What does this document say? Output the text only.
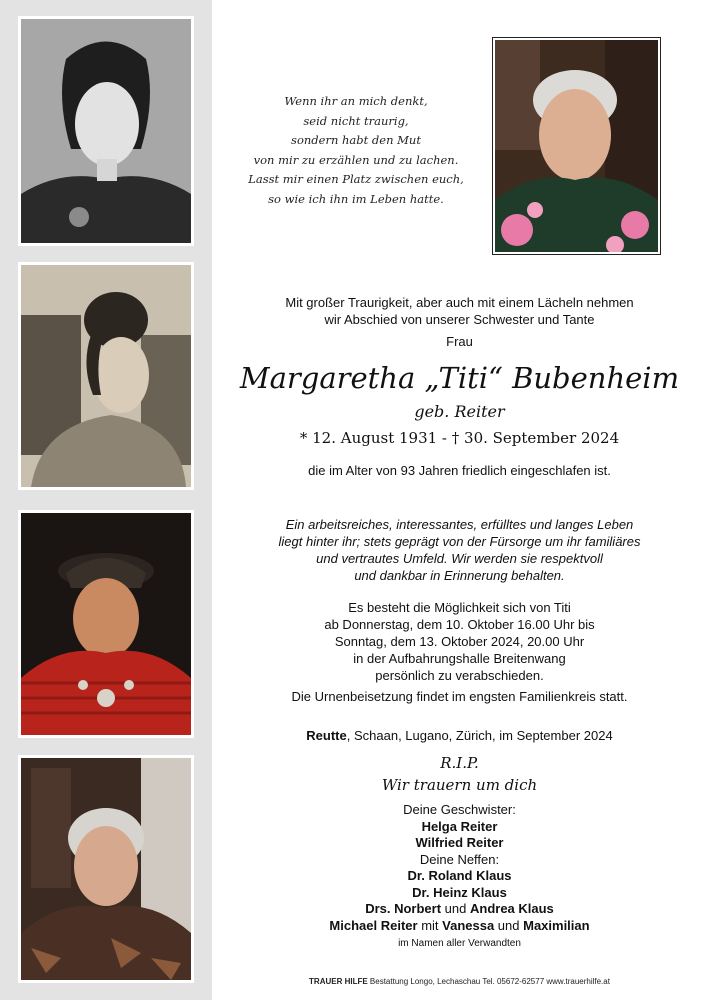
Wenn ihr an mich denkt,
seid nicht traurig,
sondern habt den Mut
von mir zu erzählen und zu lachen.
Lasst mir einen Platz zwischen euch,
so wie ich ihn im Leben hatte.
Mit großer Traurigkeit, aber auch mit einem Lächeln nehmen
wir Abschied von unserer Schwester und Tante
Frau
Margaretha „Titi“ Bubenheim
geb. Reiter
* 12. August 1931 - † 30. September 2024
die im Alter von 93 Jahren friedlich eingeschlafen ist.
Ein arbeitsreiches, interessantes, erfülltes und langes Leben
liegt hinter ihr; stets geprägt von der Fürsorge um ihr familiäres
und vertrautes Umfeld. Wir werden sie respektvoll
und dankbar in Erinnerung behalten.
Es besteht die Möglichkeit sich von Titi
ab Donnerstag, dem 10. Oktober 16.00 Uhr bis
Sonntag, dem 13. Oktober 2024, 20.00 Uhr
in der Aufbahrungshalle Breitenwang
persönlich zu verabschieden.
Die Urnenbeisetzung findet im engsten Familienkreis statt.
Reutte, Schaan, Lugano, Zürich, im September 2024
R.I.P.
Wir trauern um dich
Deine Geschwister:
Helga Reiter
Wilfried Reiter
Deine Neffen:
Dr. Roland Klaus
Dr. Heinz Klaus
Drs. Norbert und Andrea Klaus
Michael Reiter mit Vanessa und Maximilian
im Namen aller Verwandten
TRAUER HILFE Bestattung Longo, Lechaschau Tel. 05672-62577 www.trauerhilfe.at
